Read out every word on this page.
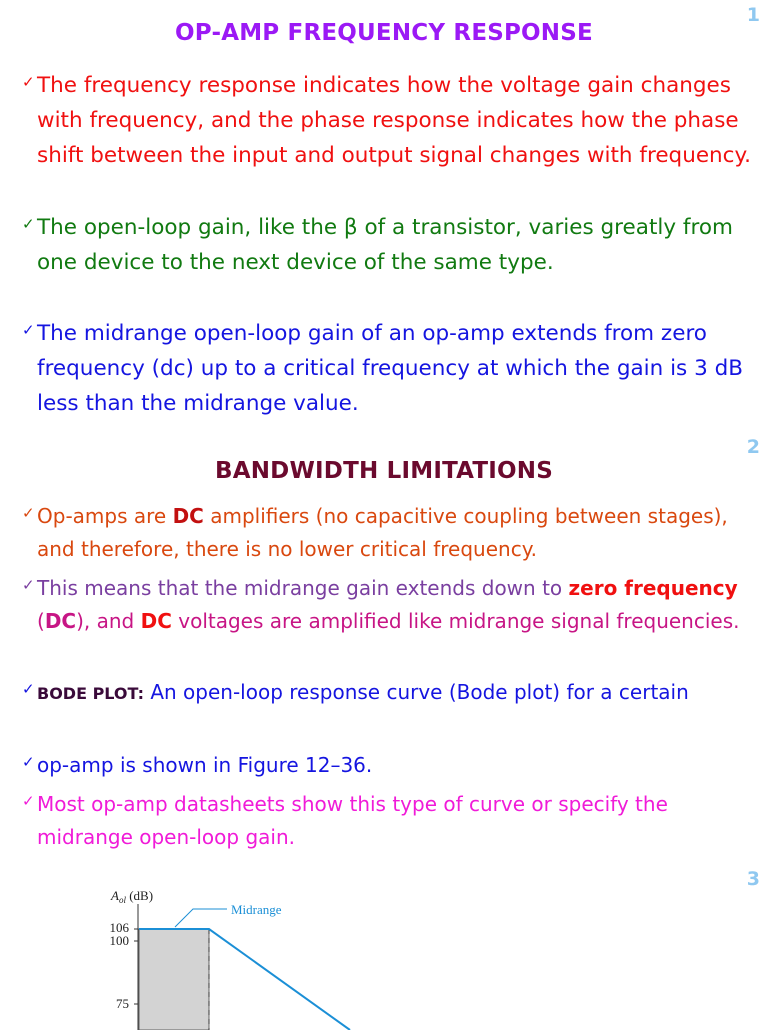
1
OP-AMP FREQUENCY RESPONSE
✓ The frequency response indicates how the voltage gain changes with frequency, and the phase response indicates how the phase shift between the input and output signal changes with frequency.
✓ The open-loop gain, like the β of a transistor, varies greatly from one device to the next device of the same type.
✓ The midrange open-loop gain of an op-amp extends from zero frequency (dc) up to a critical frequency at which the gain is 3 dB less than the midrange value.
2
BANDWIDTH LIMITATIONS
✓ Op-amps are DC amplifiers (no capacitive coupling between stages), and therefore, there is no lower critical frequency.
✓ This means that the midrange gain extends down to zero frequency (DC), and DC voltages are amplified like midrange signal frequencies.
✓ BODE PLOT: An open-loop response curve (Bode plot) for a certain
✓ op-amp is shown in Figure 12–36.
✓ Most op-amp datasheets show this type of curve or specify the midrange open-loop gain.
3
$A_{ol}$ (dB)
106
100
75
Midrange
